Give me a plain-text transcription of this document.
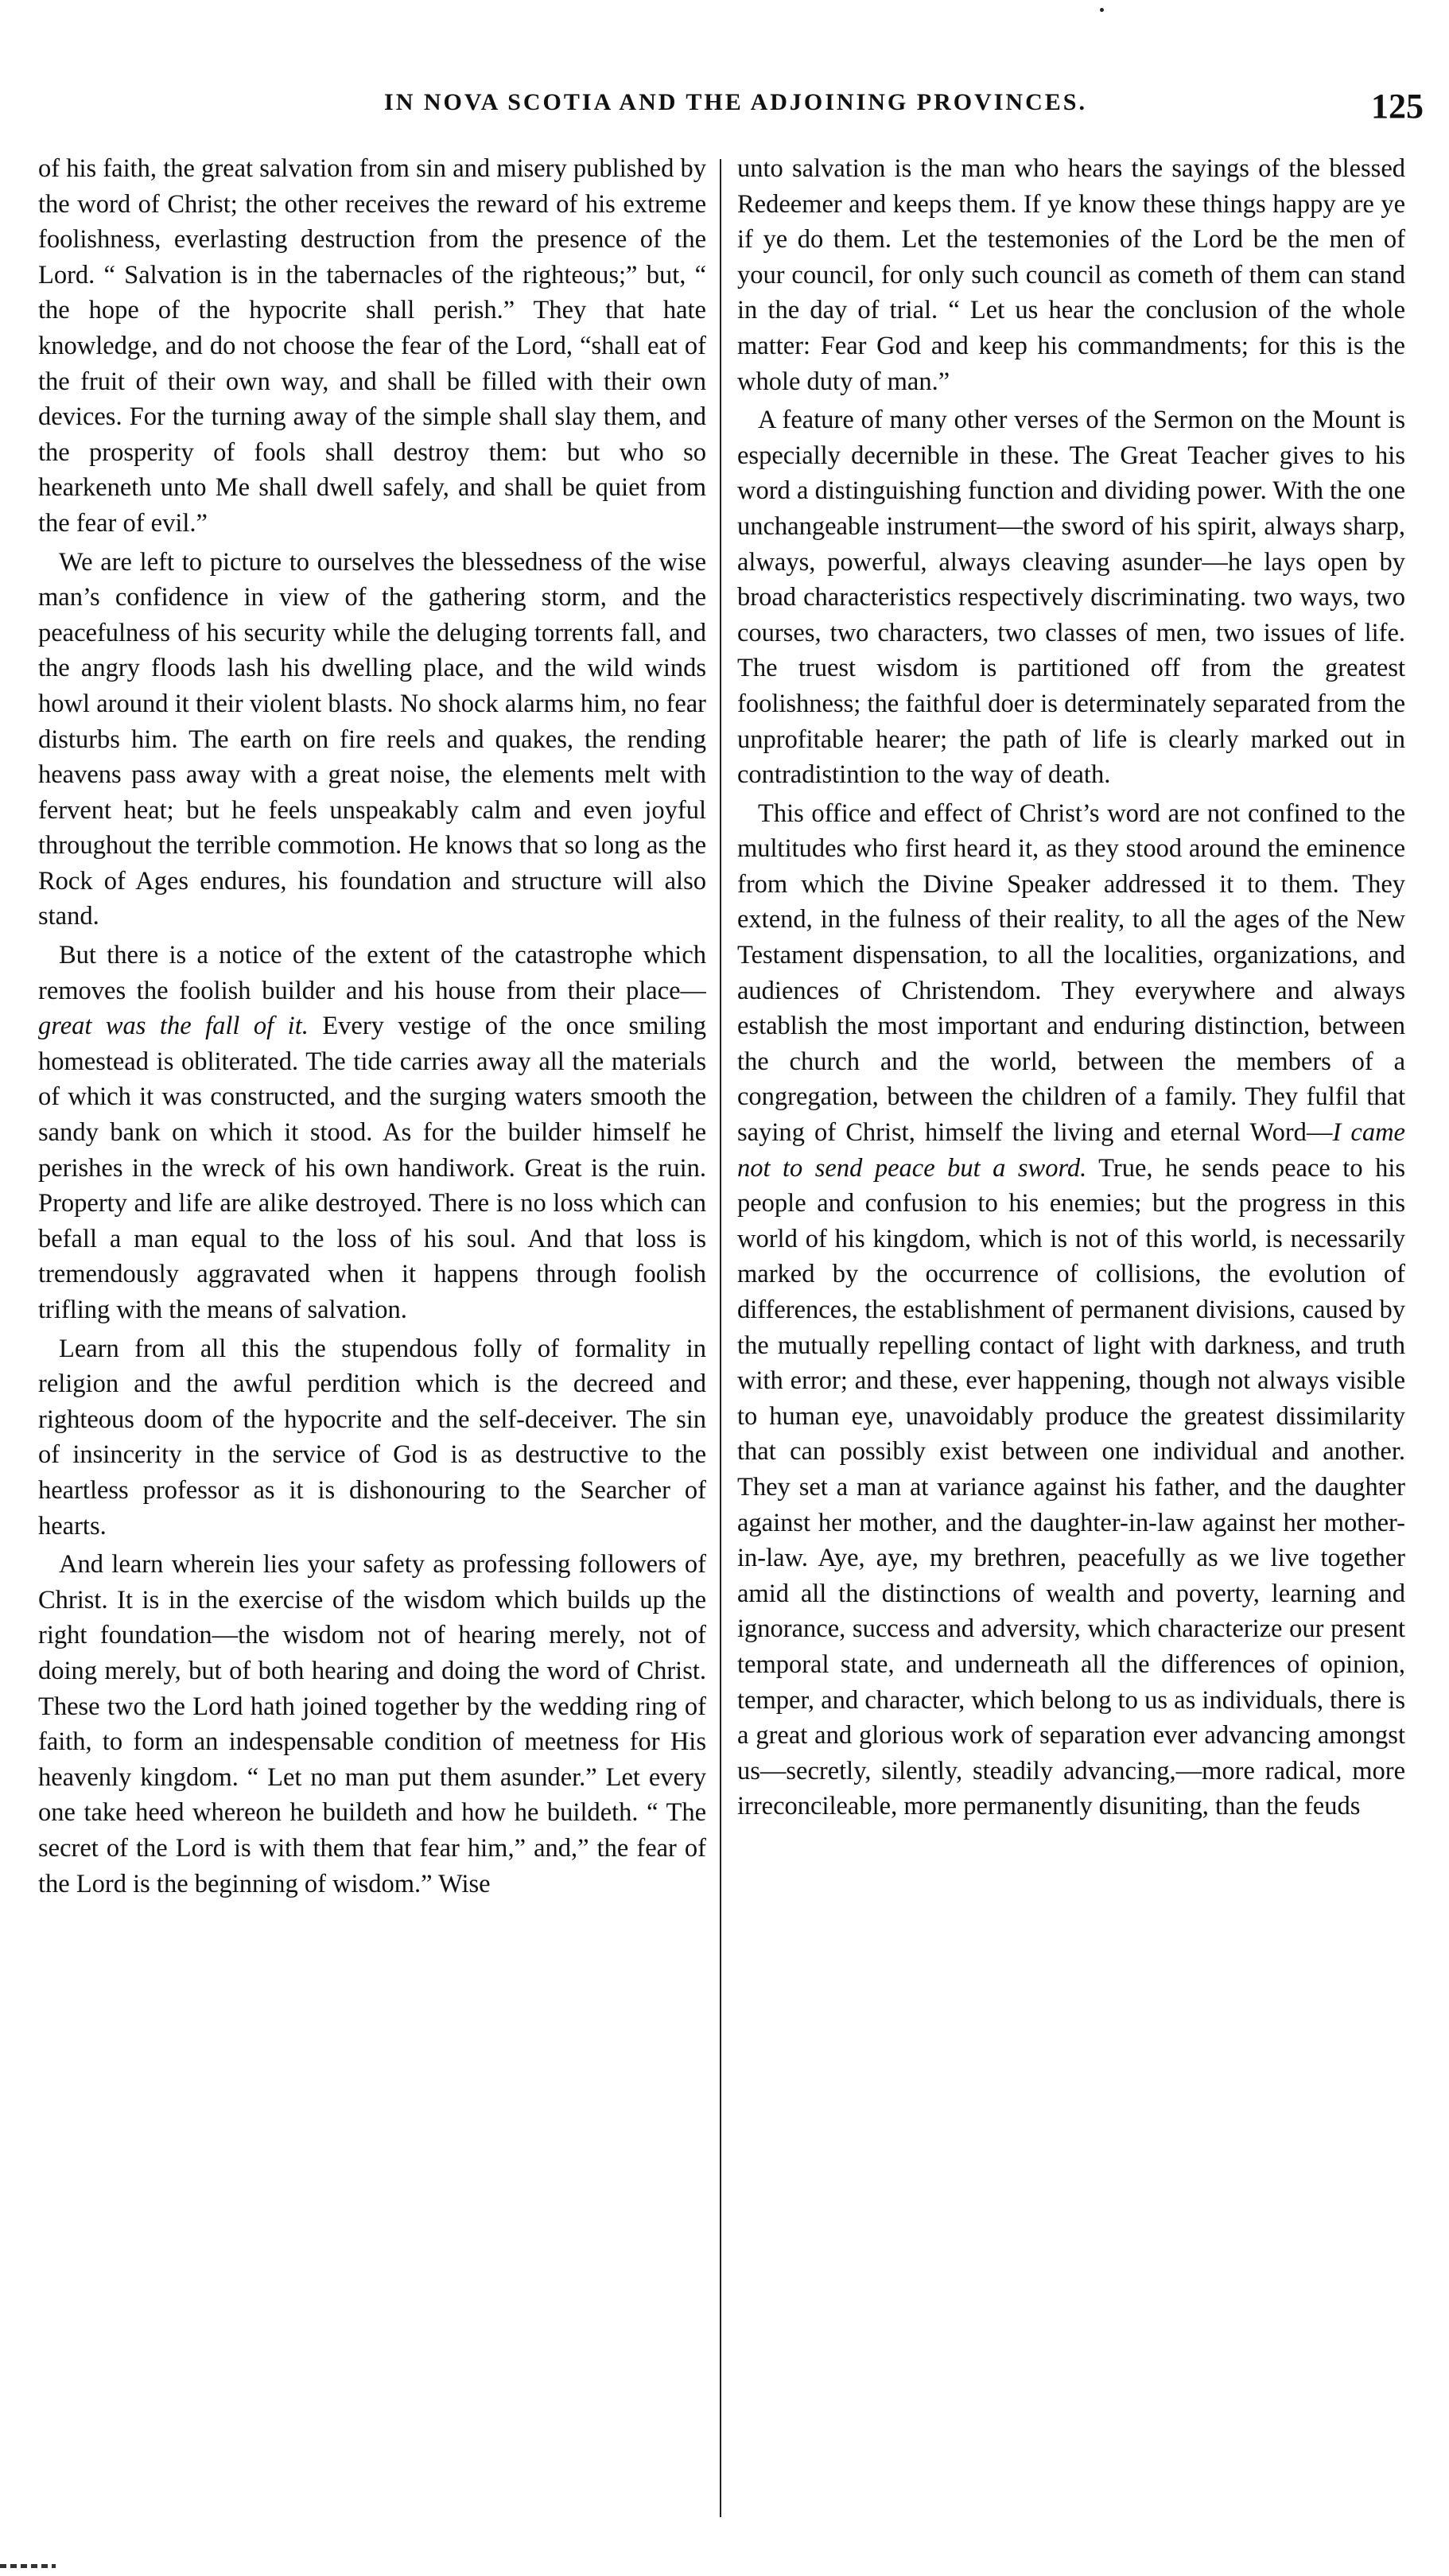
IN NOVA SCOTIA AND THE ADJOINING PROVINCES.	125

of his faith, the great salvation from sin and misery published by the word of Christ; the other receives the reward of his extreme foolishness, everlasting destruction from the presence of the Lord. “ Salvation is in the tabernacles of the righteous;” but, “ the hope of the hypocrite shall perish.” They that hate knowledge, and do not choose the fear of the Lord, “shall eat of the fruit of their own way, and shall be filled with their own devices. For the turning away of the simple shall slay them, and the prosperity of fools shall destroy them: but who so hearkeneth unto Me shall dwell safely, and shall be quiet from the fear of evil.”

We are left to picture to ourselves the blessedness of the wise man’s confidence in view of the gathering storm, and the peacefulness of his security while the deluging torrents fall, and the angry floods lash his dwelling place, and the wild winds howl around it their violent blasts. No shock alarms him, no fear disturbs him. The earth on fire reels and quakes, the rending heavens pass away with a great noise, the elements melt with fervent heat; but he feels unspeakably calm and even joyful throughout the terrible commotion. He knows that so long as the Rock of Ages endures, his foundation and structure will also stand.

But there is a notice of the extent of the catastrophe which removes the foolish builder and his house from their place—great was the fall of it. Every vestige of the once smiling homestead is obliterated. The tide carries away all the materials of which it was constructed, and the surging waters smooth the sandy bank on which it stood. As for the builder himself he perishes in the wreck of his own handiwork. Great is the ruin. Property and life are alike destroyed. There is no loss which can befall a man equal to the loss of his soul. And that loss is tremendously aggravated when it happens through foolish trifling with the means of salvation.

Learn from all this the stupendous folly of formality in religion and the awful perdition which is the decreed and righteous doom of the hypocrite and the self-deceiver. The sin of insincerity in the service of God is as destructive to the heartless professor as it is dishonouring to the Searcher of hearts.

And learn wherein lies your safety as professing followers of Christ. It is in the exercise of the wisdom which builds up the right foundation—the wisdom not of hearing merely, not of doing merely, but of both hearing and doing the word of Christ. These two the Lord hath joined together by the wedding ring of faith, to form an indespensable condition of meetness for His heavenly kingdom. “ Let no man put them asunder.” Let every one take heed whereon he buildeth and how he buildeth. “ The secret of the Lord is with them that fear him,” and,” the fear of the Lord is the beginning of wisdom.” Wise

unto salvation is the man who hears the sayings of the blessed Redeemer and keeps them. If ye know these things happy are ye if ye do them. Let the testemonies of the Lord be the men of your council, for only such council as cometh of them can stand in the day of trial. “ Let us hear the conclusion of the whole matter: Fear God and keep his commandments; for this is the whole duty of man.”

A feature of many other verses of the Sermon on the Mount is especially decernible in these. The Great Teacher gives to his word a distinguishing function and dividing power. With the one unchangeable instrument—the sword of his spirit, always sharp, always, powerful, always cleaving asunder—he lays open by broad characteristics respectively discriminating. two ways, two courses, two characters, two classes of men, two issues of life. The truest wisdom is partitioned off from the greatest foolishness; the faithful doer is determinately separated from the unprofitable hearer; the path of life is clearly marked out in contradistintion to the way of death.

This office and effect of Christ’s word are not confined to the multitudes who first heard it, as they stood around the eminence from which the Divine Speaker addressed it to them. They extend, in the fulness of their reality, to all the ages of the New Testament dispensation, to all the localities, organizations, and audiences of Christendom. They everywhere and always establish the most important and enduring distinction, between the church and the world, between the members of a congregation, between the children of a family. They fulfil that saying of Christ, himself the living and eternal Word—I came not to send peace but a sword. True, he sends peace to his people and confusion to his enemies; but the progress in this world of his kingdom, which is not of this world, is necessarily marked by the occurrence of collisions, the evolution of differences, the establishment of permanent divisions, caused by the mutually repelling contact of light with darkness, and truth with error; and these, ever happening, though not always visible to human eye, unavoidably produce the greatest dissimilarity that can possibly exist between one individual and another. They set a man at variance against his father, and the daughter against her mother, and the daughter-in-law against her mother-in-law. Aye, aye, my brethren, peacefully as we live together amid all the distinctions of wealth and poverty, learning and ignorance, success and adversity, which characterize our present temporal state, and underneath all the differences of opinion, temper, and character, which belong to us as individuals, there is a great and glorious work of separation ever advancing amongst us—secretly, silently, steadily advancing,—more radical, more irreconcileable, more permanently disuniting, than the feuds
